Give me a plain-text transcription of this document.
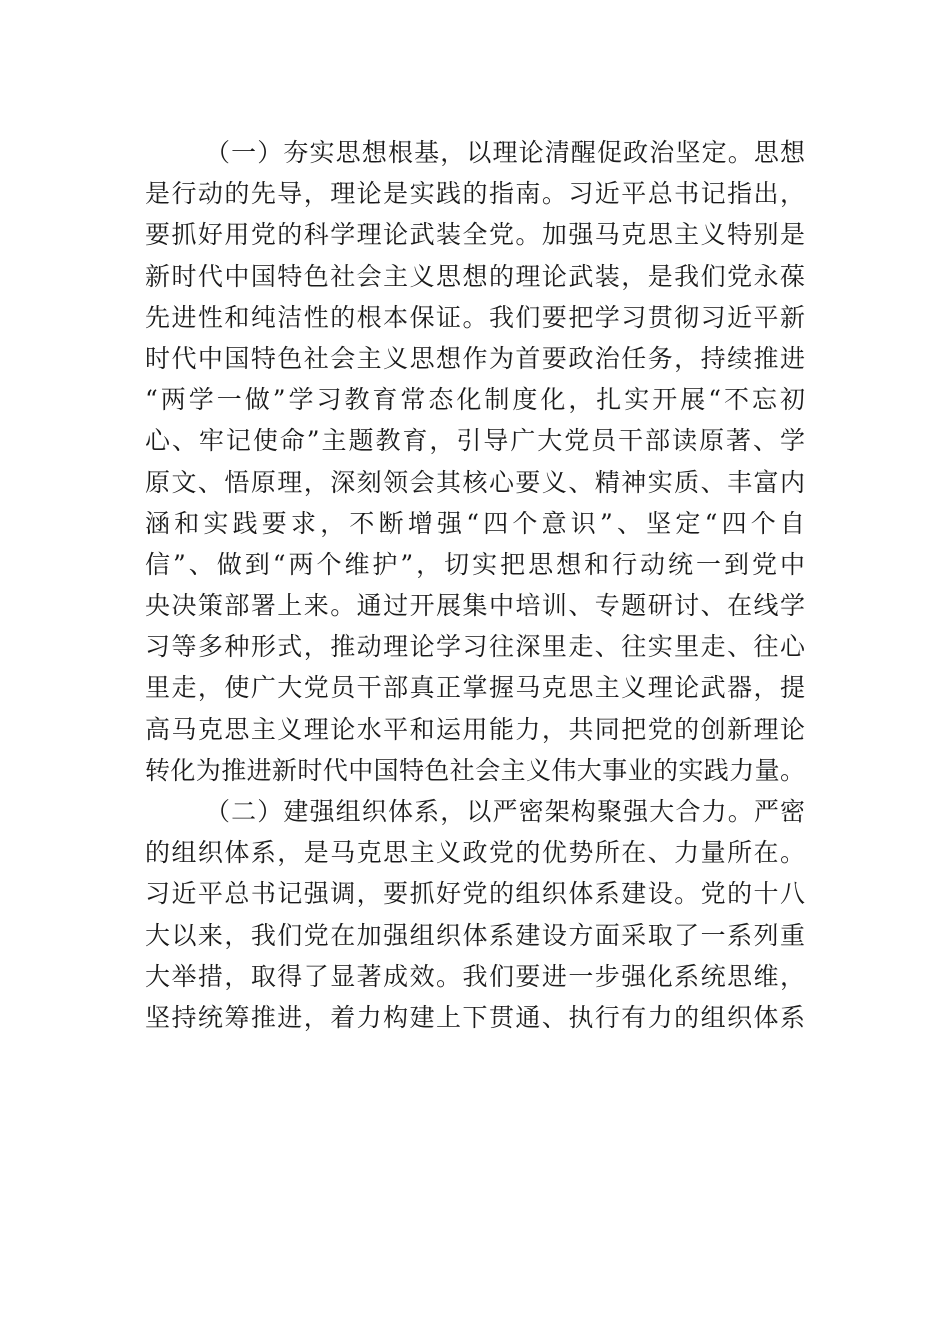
（一）夯实思想根基，以理论清醒促政治坚定。思想
是行动的先导，理论是实践的指南。习近平总书记指出，
要抓好用党的科学理论武装全党。加强马克思主义特别是
新时代中国特色社会主义思想的理论武装，是我们党永葆
先进性和纯洁性的根本保证。我们要把学习贯彻习近平新
时代中国特色社会主义思想作为首要政治任务，持续推进
“两学一做”学习教育常态化制度化，扎实开展“不忘初
心、牢记使命”主题教育，引导广大党员干部读原著、学
原文、悟原理，深刻领会其核心要义、精神实质、丰富内
涵和实践要求，不断增强“四个意识”、坚定“四个自
信”、做到“两个维护”，切实把思想和行动统一到党中
央决策部署上来。通过开展集中培训、专题研讨、在线学
习等多种形式，推动理论学习往深里走、往实里走、往心
里走，使广大党员干部真正掌握马克思主义理论武器，提
高马克思主义理论水平和运用能力，共同把党的创新理论
转化为推进新时代中国特色社会主义伟大事业的实践力量。
（二）建强组织体系，以严密架构聚强大合力。严密
的组织体系，是马克思主义政党的优势所在、力量所在。
习近平总书记强调，要抓好党的组织体系建设。党的十八
大以来，我们党在加强组织体系建设方面采取了一系列重
大举措，取得了显著成效。我们要进一步强化系统思维，
坚持统筹推进，着力构建上下贯通、执行有力的组织体系
